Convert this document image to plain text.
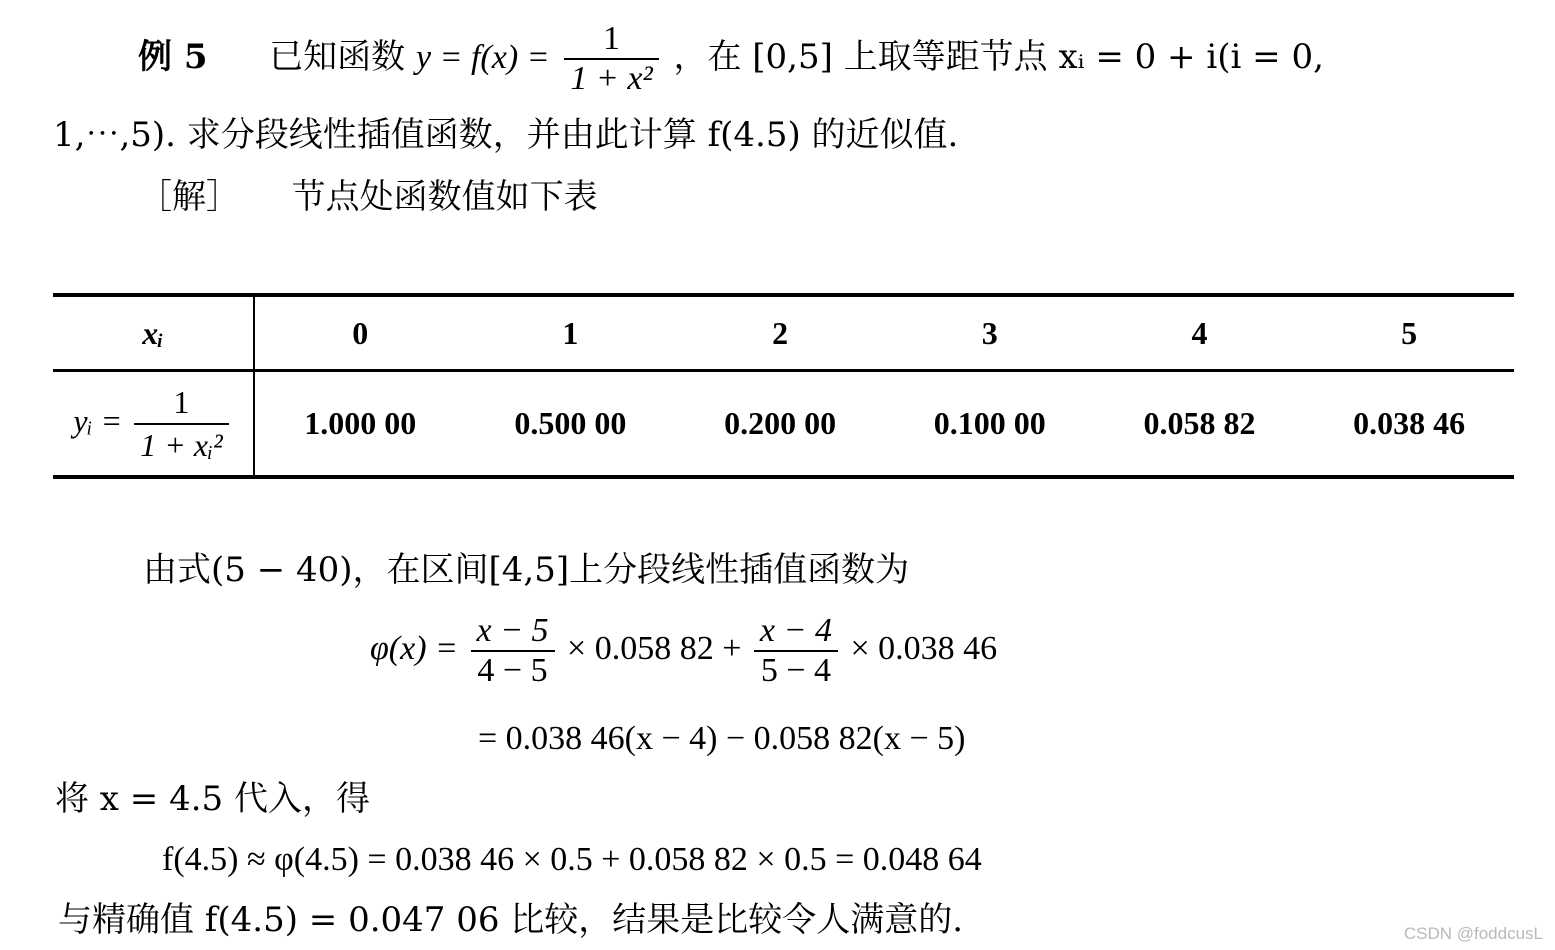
例 5 已知函数 $y = f(x) = \frac{1}{\text{1 + x²}}$ ，在 [0,5] 上取等距节点 xᵢ = 0 + i(i = 0,
1,⋯,5). 求分段线性插值函数，并由此计算 f(4.5) 的近似值.
［解］ 节点处函数值如下表
xᵢ	0	1	2	3	4	5
yᵢ = $\frac{1}{\text{1 + xᵢ²}}$	1.000 00	0.500 00	0.200 00	0.100 00	0.058 82	0.038 46
由式(5 − 40)，在区间[4,5]上分段线性插值函数为
$\varphi(x) = \frac{x - 5}{4 - 5} \times 0.058$ $82 + \frac{x - 4}{5 - 4} \times 0.038$ 46
= 0.038 46(x − 4) − 0.058 82(x − 5)
将 x = 4.5 代入，得
f(4.5) ≈ φ(4.5) = 0.038 46 × 0.5 + 0.058 82 × 0.5 = 0.048 64
与精确值 f(4.5) = 0.047 06 比较，结果是比较令人满意的.	CSDN @foddcusL
